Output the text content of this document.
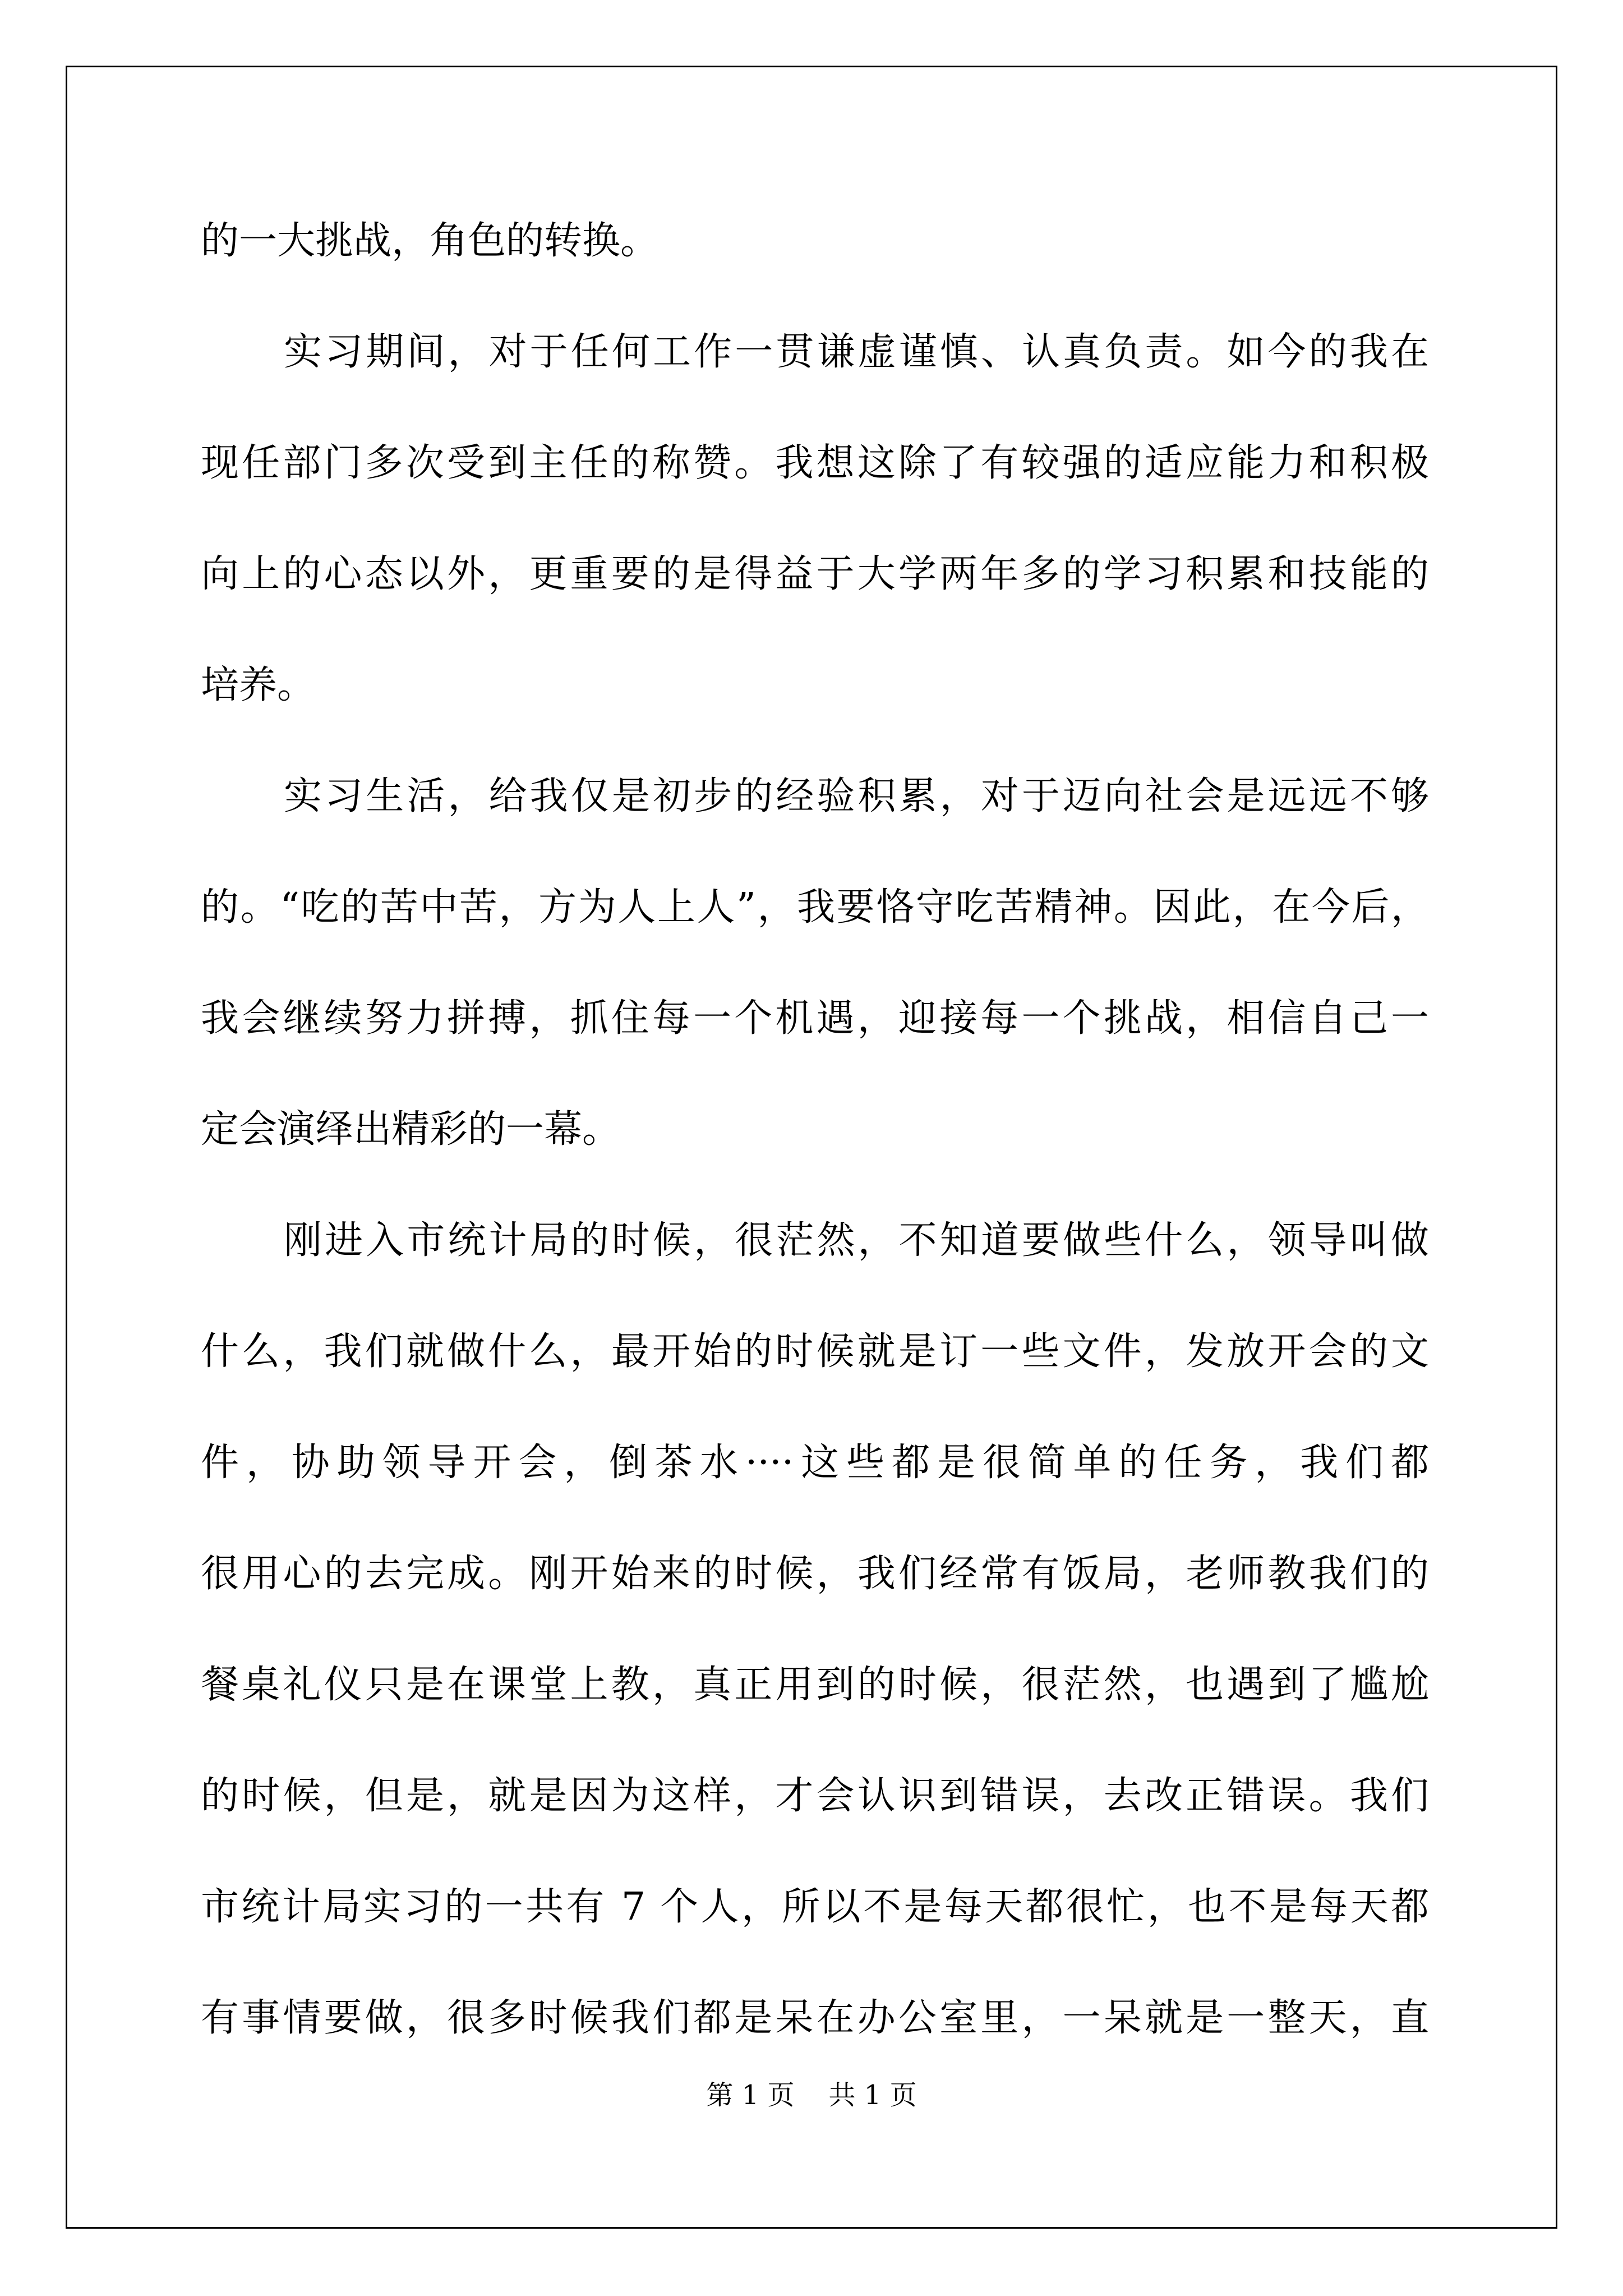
的一大挑战，角色的转换。
实习期间，对于任何工作一贯谦虚谨慎、认真负责。如今的我在
现任部门多次受到主任的称赞。我想这除了有较强的适应能力和积极
向上的心态以外，更重要的是得益于大学两年多的学习积累和技能的
培养。
实习生活，给我仅是初步的经验积累，对于迈向社会是远远不够
的。“吃的苦中苦，方为人上人”，我要恪守吃苦精神。因此，在今后，
我会继续努力拼搏，抓住每一个机遇，迎接每一个挑战，相信自己一
定会演绎出精彩的一幕。
刚进入市统计局的时候，很茫然，不知道要做些什么，领导叫做
什么，我们就做什么，最开始的时候就是订一些文件，发放开会的文
件，协助领导开会，倒茶水····这些都是很简单的任务，我们都
很用心的去完成。刚开始来的时候，我们经常有饭局，老师教我们的
餐桌礼仪只是在课堂上教，真正用到的时候，很茫然，也遇到了尴尬
的时候，但是，就是因为这样，才会认识到错误，去改正错误。我们
市统计局实习的一共有 7 个人，所以不是每天都很忙，也不是每天都
有事情要做，很多时候我们都是呆在办公室里，一呆就是一整天，直
第 1 页    共 1 页
